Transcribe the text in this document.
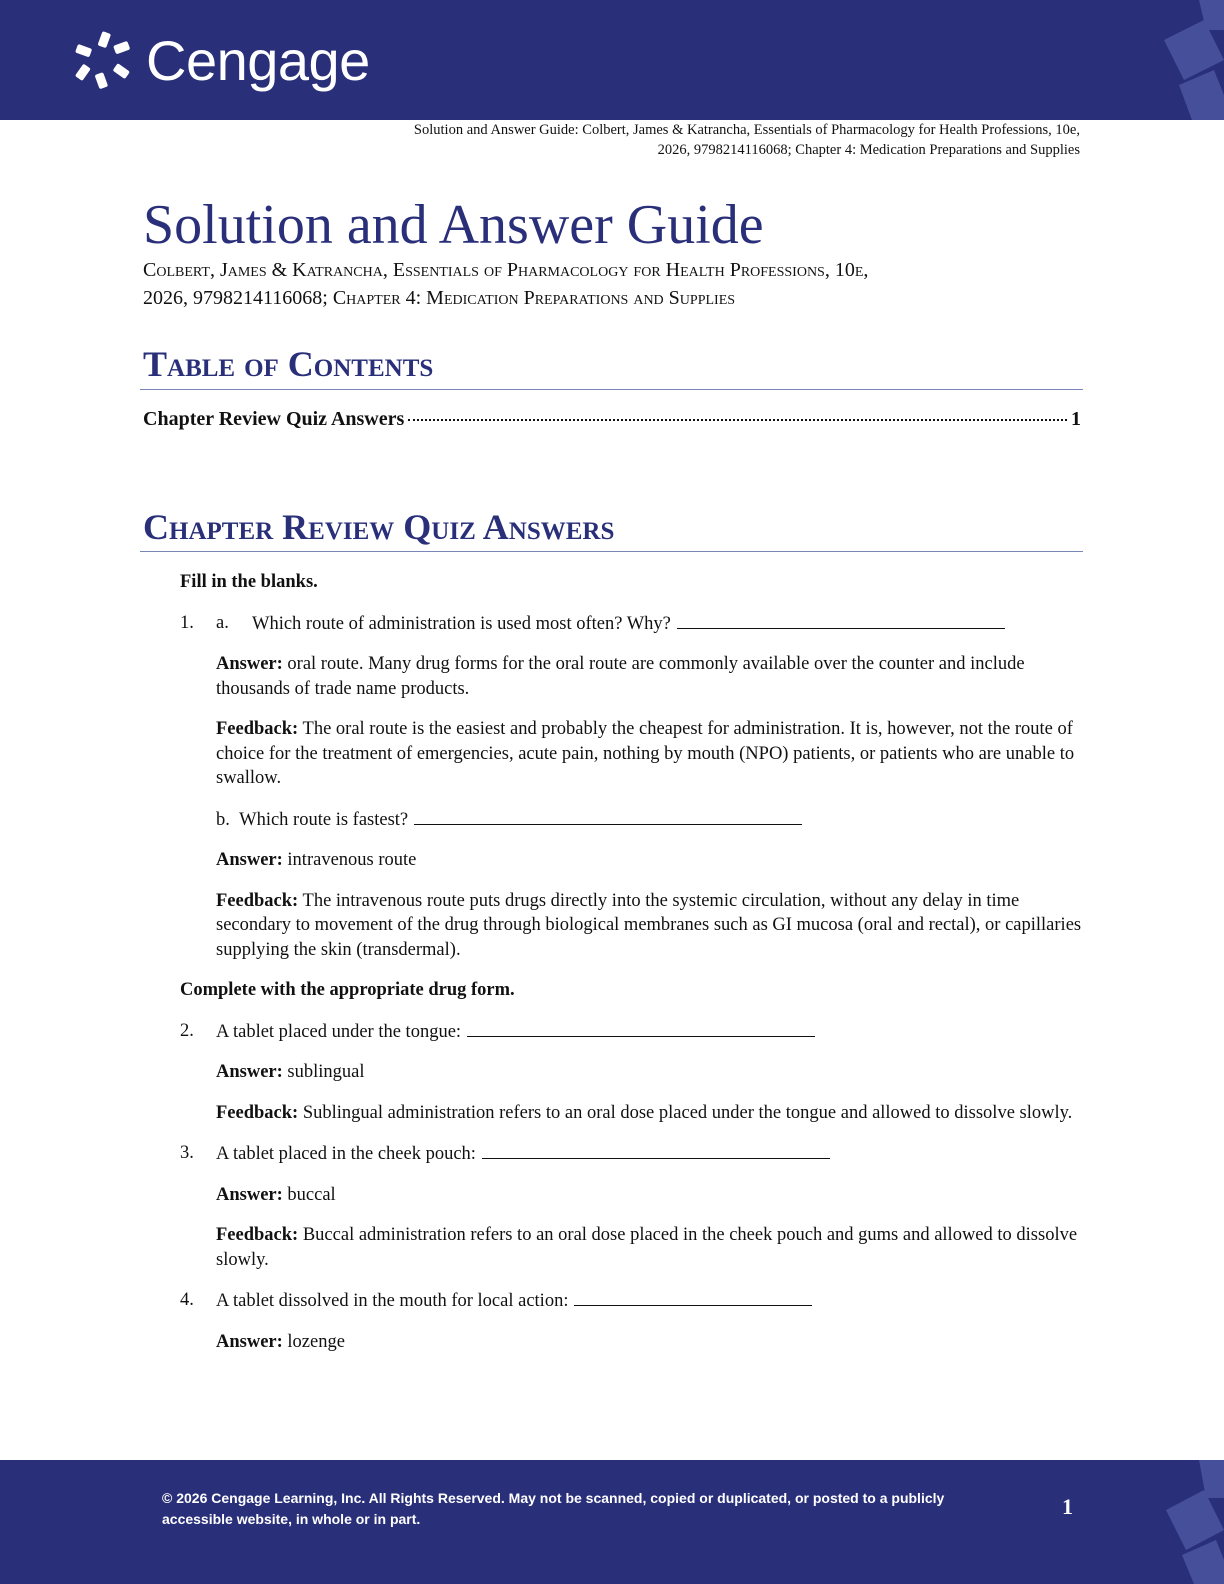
Cengage
Solution and Answer Guide: Colbert, James & Katrancha, Essentials of Pharmacology for Health Professions, 10e,
2026, 9798214116068; Chapter 4: Medication Preparations and Supplies
Solution and Answer Guide
Colbert, James & Katrancha, Essentials of Pharmacology for Health Professions, 10e,
2026, 9798214116068; Chapter 4: Medication Preparations and Supplies
Table of Contents
Chapter Review Quiz Answers	1
Chapter Review Quiz Answers
Fill in the blanks.
1.	a.	Which route of administration is used most often? Why?

Answer: oral route. Many drug forms for the oral route are commonly available over the counter and include thousands of trade name products.

Feedback: The oral route is the easiest and probably the cheapest for administration. It is, however, not the route of choice for the treatment of emergencies, acute pain, nothing by mouth (NPO) patients, or patients who are unable to swallow.

b. Which route is fastest?

Answer: intravenous route

Feedback: The intravenous route puts drugs directly into the systemic circulation, without any delay in time secondary to movement of the drug through biological membranes such as GI mucosa (oral and rectal), or capillaries supplying the skin (transdermal).

Complete with the appropriate drug form.
2.	A tablet placed under the tongue:

Answer: sublingual

Feedback: Sublingual administration refers to an oral dose placed under the tongue and allowed to dissolve slowly.

3.	A tablet placed in the cheek pouch:

Answer: buccal

Feedback: Buccal administration refers to an oral dose placed in the cheek pouch and gums and allowed to dissolve slowly.

4.	A tablet dissolved in the mouth for local action:

Answer: lozenge

© 2026 Cengage Learning, Inc. All Rights Reserved. May not be scanned, copied or duplicated, or posted to a publicly accessible website, in whole or in part.	1
